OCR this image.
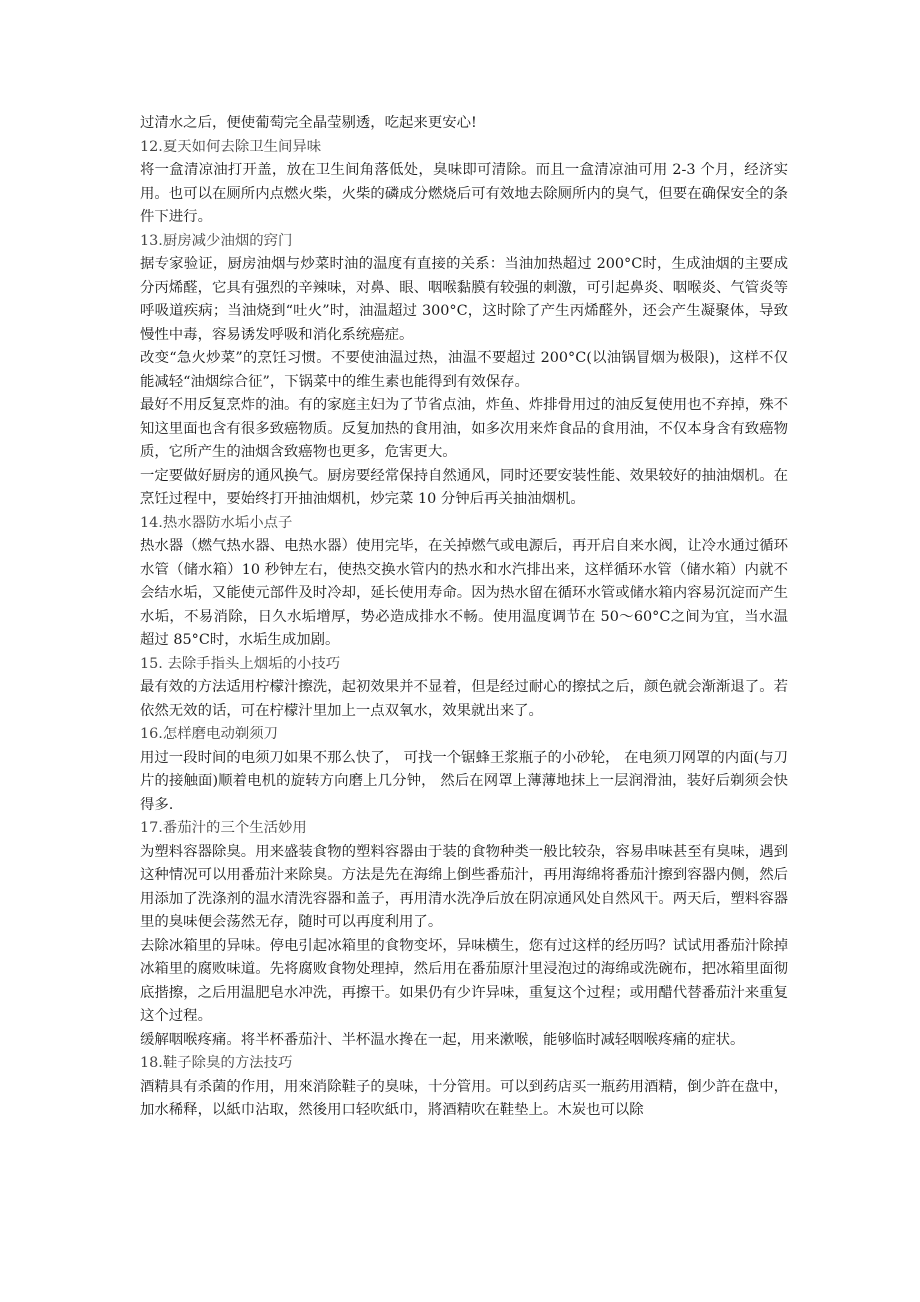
过清水之后，便使葡萄完全晶莹剔透，吃起来更安心!

12.夏天如何去除卫生间异味

将一盒清凉油打开盖，放在卫生间角落低处，臭味即可清除。而且一盒清凉油可用 2-3 个月，经济实用。也可以在厕所内点燃火柴，火柴的磷成分燃烧后可有效地去除厕所内的臭气，但要在确保安全的条件下进行。

13.厨房减少油烟的窍门

据专家验证，厨房油烟与炒菜时油的温度有直接的关系：当油加热超过 200°C时，生成油烟的主要成分丙烯醛，它具有强烈的辛辣味，对鼻、眼、咽喉黏膜有较强的刺激，可引起鼻炎、咽喉炎、气管炎等呼吸道疾病；当油烧到“吐火”时，油温超过 300°C，这时除了产生丙烯醛外，还会产生凝聚体，导致慢性中毒，容易诱发呼吸和消化系统癌症。

改变“急火炒菜”的烹饪习惯。不要使油温过热，油温不要超过 200°C(以油锅冒烟为极限)，这样不仅能减轻“油烟综合征”，下锅菜中的维生素也能得到有效保存。

最好不用反复烹炸的油。有的家庭主妇为了节省点油，炸鱼、炸排骨用过的油反复使用也不弃掉，殊不知这里面也含有很多致癌物质。反复加热的食用油，如多次用来炸食品的食用油，不仅本身含有致癌物质，它所产生的油烟含致癌物也更多，危害更大。

一定要做好厨房的通风换气。厨房要经常保持自然通风，同时还要安装性能、效果较好的抽油烟机。在烹饪过程中，要始终打开抽油烟机，炒完菜 10 分钟后再关抽油烟机。

14.热水器防水垢小点子

热水器（燃气热水器、电热水器）使用完毕，在关掉燃气或电源后，再开启自来水阀，让冷水通过循环水管（储水箱）10 秒钟左右，使热交换水管内的热水和水汽排出来，这样循环水管（储水箱）内就不会结水垢，又能使元部件及时冷却，延长使用寿命。因为热水留在循环水管或储水箱内容易沉淀而产生水垢，不易消除，日久水垢增厚，势必造成排水不畅。使用温度调节在 50～60°C之间为宜，当水温超过 85°C时，水垢生成加剧。

15. 去除手指头上烟垢的小技巧

最有效的方法适用柠檬汁擦洗，起初效果并不显着，但是经过耐心的擦拭之后，颜色就会渐渐退了。若依然无效的话，可在柠檬汁里加上一点双氧水，效果就出来了。

16.怎样磨电动剃须刀

用过一段时间的电须刀如果不那么快了， 可找一个锯蜂王浆瓶子的小砂轮， 在电须刀网罩的内面(与刀片的接触面)顺着电机的旋转方向磨上几分钟， 然后在网罩上薄薄地抹上一层润滑油，装好后剃须会快得多.

17.番茄汁的三个生活妙用

为塑料容器除臭。用来盛装食物的塑料容器由于装的食物种类一般比较杂，容易串味甚至有臭味，遇到这种情况可以用番茄汁来除臭。方法是先在海绵上倒些番茄汁，再用海绵将番茄汁擦到容器内侧，然后用添加了洗涤剂的温水清洗容器和盖子，再用清水洗净后放在阴凉通风处自然风干。两天后，塑料容器里的臭味便会荡然无存，随时可以再度利用了。

去除冰箱里的异味。停电引起冰箱里的食物变坏，异味横生，您有过这样的经历吗？试试用番茄汁除掉冰箱里的腐败味道。先将腐败食物处理掉，然后用在番茄原汁里浸泡过的海绵或洗碗布，把冰箱里面彻底揩擦，之后用温肥皂水冲洗，再擦干。如果仍有少许异味，重复这个过程；或用醋代替番茄汁来重复这个过程。

缓解咽喉疼痛。将半杯番茄汁、半杯温水搀在一起，用来漱喉，能够临时减轻咽喉疼痛的症状。

18.鞋子除臭的方法技巧

酒精具有杀菌的作用，用來消除鞋子的臭味，十分管用。可以到药店买一瓶药用酒精，倒少許在盘中，加水稀释，以紙巾沾取，然後用口轻吹紙巾，將酒精吹在鞋垫上。木炭也可以除
